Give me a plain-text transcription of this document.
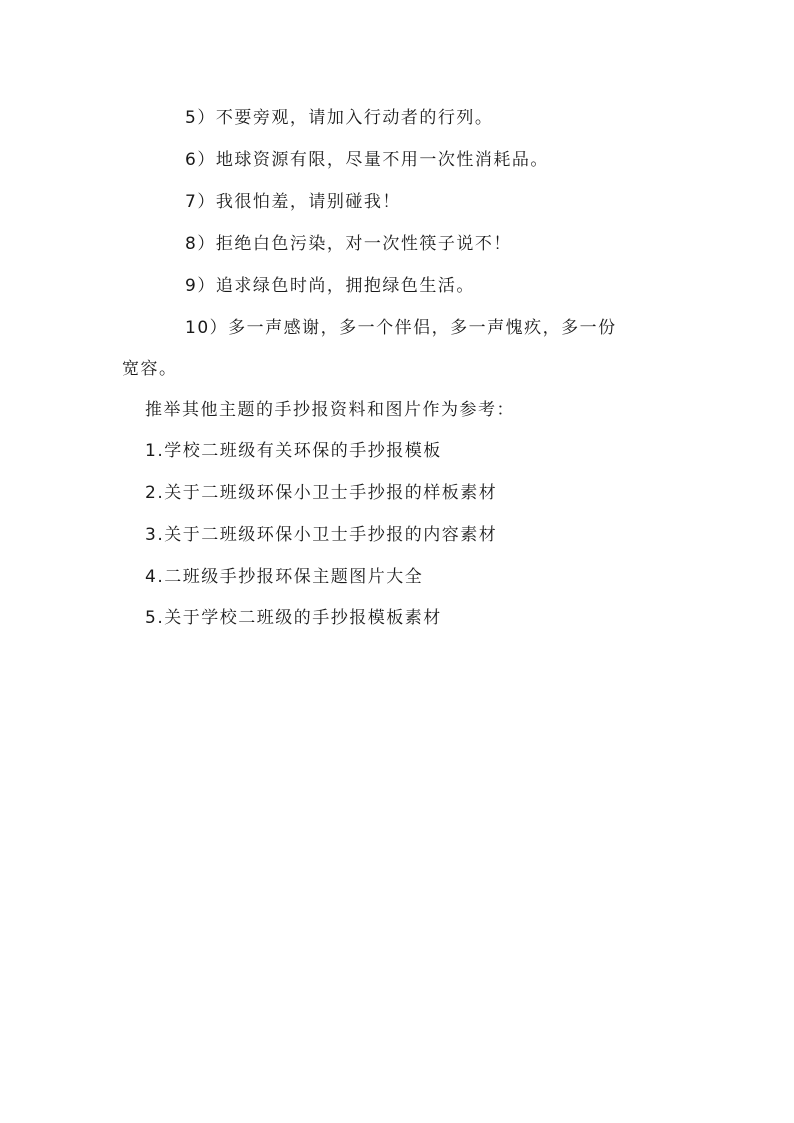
5）不要旁观，请加入行动者的行列。

6）地球资源有限，尽量不用一次性消耗品。

7）我很怕羞，请别碰我！

8）拒绝白色污染，对一次性筷子说不！

9）追求绿色时尚，拥抱绿色生活。

10）多一声感谢，多一个伴侣，多一声愧疚，多一份

宽容。

推举其他主题的手抄报资料和图片作为参考：

1.学校二班级有关环保的手抄报模板

2.关于二班级环保小卫士手抄报的样板素材

3.关于二班级环保小卫士手抄报的内容素材

4.二班级手抄报环保主题图片大全

5.关于学校二班级的手抄报模板素材
